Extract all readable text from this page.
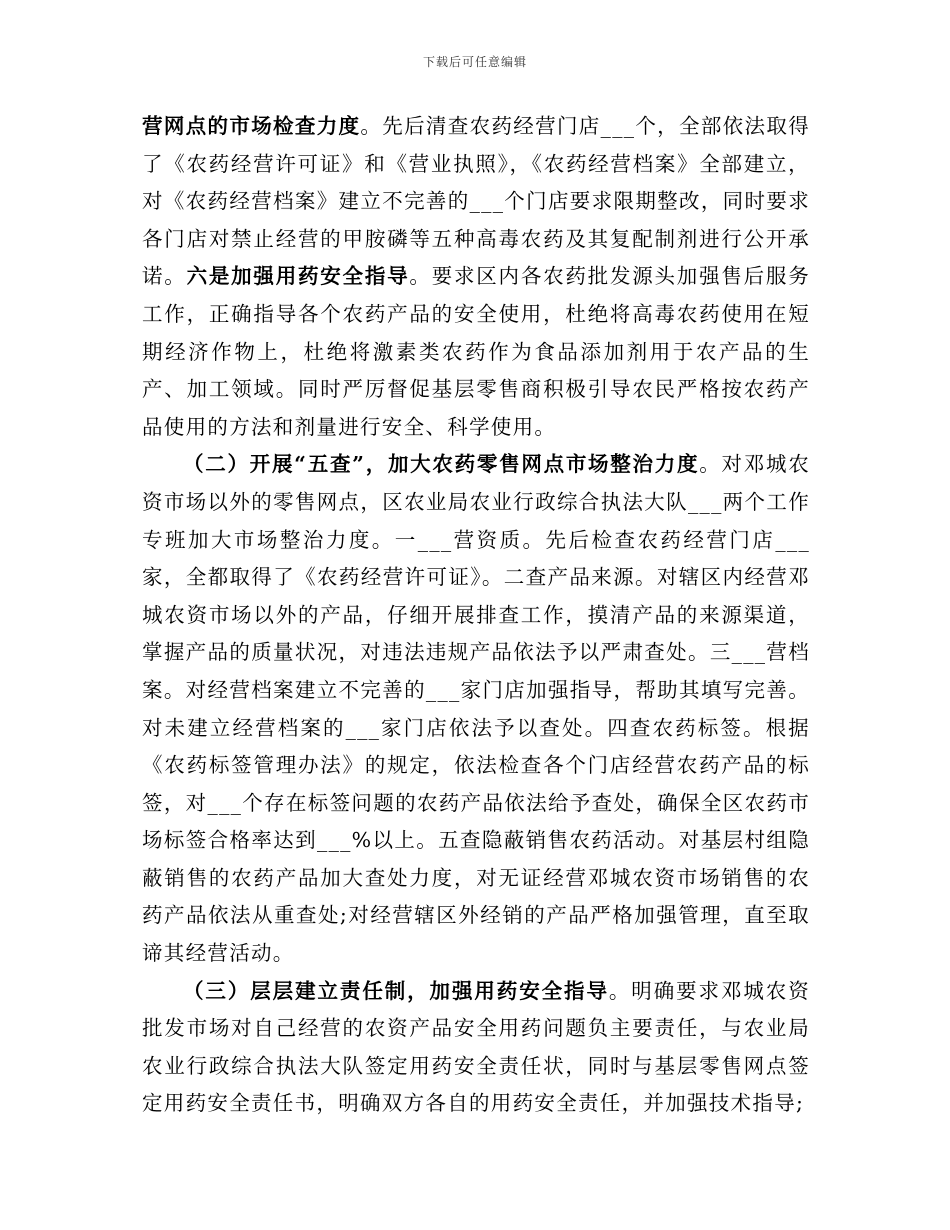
下载后可任意编辑

营网点的市场检查力度。先后清查农药经营门店___个，全部依法取得了《农药经营许可证》和《营业执照》，《农药经营档案》全部建立，对《农药经营档案》建立不完善的___个门店要求限期整改，同时要求各门店对禁止经营的甲胺磷等五种高毒农药及其复配制剂进行公开承诺。六是加强用药安全指导。要求区内各农药批发源头加强售后服务工作，正确指导各个农药产品的安全使用，杜绝将高毒农药使用在短期经济作物上，杜绝将激素类农药作为食品添加剂用于农产品的生产、加工领域。同时严厉督促基层零售商积极引导农民严格按农药产品使用的方法和剂量进行安全、科学使用。

（二）开展“五查”，加大农药零售网点市场整治力度。对邓城农资市场以外的零售网点，区农业局农业行政综合执法大队___两个工作专班加大市场整治力度。一___营资质。先后检查农药经营门店___家，全都取得了《农药经营许可证》。二查产品来源。对辖区内经营邓城农资市场以外的产品，仔细开展排查工作，摸清产品的来源渠道，掌握产品的质量状况，对违法违规产品依法予以严肃查处。三___营档案。对经营档案建立不完善的___家门店加强指导，帮助其填写完善。对未建立经营档案的___家门店依法予以查处。四查农药标签。根据《农药标签管理办法》的规定，依法检查各个门店经营农药产品的标签，对___个存在标签问题的农药产品依法给予查处，确保全区农药市场标签合格率达到___%以上。五查隐蔽销售农药活动。对基层村组隐蔽销售的农药产品加大查处力度，对无证经营邓城农资市场销售的农药产品依法从重查处;对经营辖区外经销的产品严格加强管理，直至取谛其经营活动。

（三）层层建立责任制，加强用药安全指导。明确要求邓城农资批发市场对自己经营的农资产品安全用药问题负主要责任，与农业局农业行政综合执法大队签定用药安全责任状，同时与基层零售网点签定用药安全责任书，明确双方各自的用药安全责任，并加强技术指导;
